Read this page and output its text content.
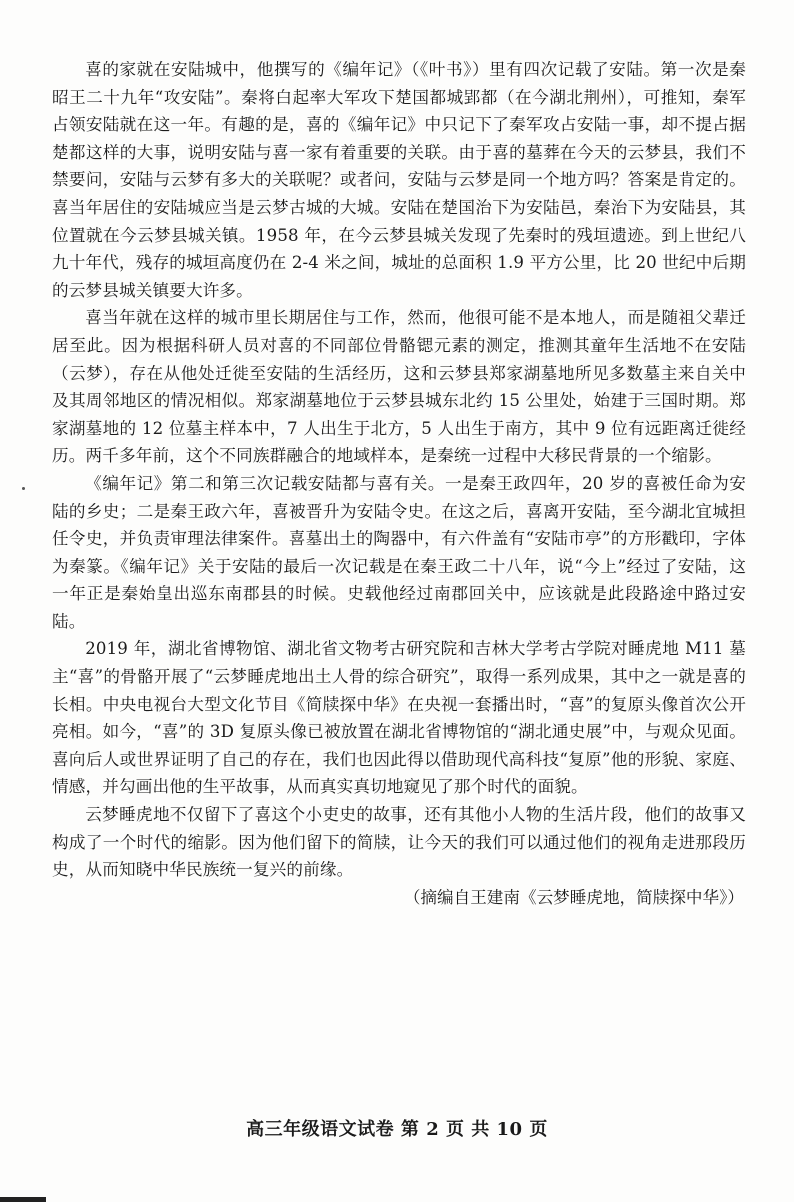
喜的家就在安陆城中，他撰写的《编年记》（《叶书》）里有四次记载了安陆。第一次是秦昭王二十九年“攻安陆”。秦将白起率大军攻下楚国都城郢都（在今湖北荆州），可推知，秦军占领安陆就在这一年。有趣的是，喜的《编年记》中只记下了秦军攻占安陆一事，却不提占据楚都这样的大事，说明安陆与喜一家有着重要的关联。由于喜的墓葬在今天的云梦县，我们不禁要问，安陆与云梦有多大的关联呢？或者问，安陆与云梦是同一个地方吗？答案是肯定的。喜当年居住的安陆城应当是云梦古城的大城。安陆在楚国治下为安陆邑，秦治下为安陆县，其位置就在今云梦县城关镇。1958 年，在今云梦县城关发现了先秦时的残垣遗迹。到上世纪八九十年代，残存的城垣高度仍在 2-4 米之间，城址的总面积 1.9 平方公里，比 20 世纪中后期的云梦县城关镇要大许多。

喜当年就在这样的城市里长期居住与工作，然而，他很可能不是本地人，而是随祖父辈迁居至此。因为根据科研人员对喜的不同部位骨骼锶元素的测定，推测其童年生活地不在安陆（云梦），存在从他处迁徙至安陆的生活经历，这和云梦县郑家湖墓地所见多数墓主来自关中及其周邻地区的情况相似。郑家湖墓地位于云梦县城东北约 15 公里处，始建于三国时期。郑家湖墓地的 12 位墓主样本中，7 人出生于北方，5 人出生于南方，其中 9 位有远距离迁徙经历。两千多年前，这个不同族群融合的地域样本，是秦统一过程中大移民背景的一个缩影。

《编年记》第二和第三次记载安陆都与喜有关。一是秦王政四年，20 岁的喜被任命为安陆的乡史；二是秦王政六年，喜被晋升为安陆令史。在这之后，喜离开安陆，至今湖北宜城担任令史，并负责审理法律案件。喜墓出土的陶器中，有六件盖有“安陆市亭”的方形戳印，字体为秦篆。《编年记》关于安陆的最后一次记载是在秦王政二十八年，说“今上”经过了安陆，这一年正是秦始皇出巡东南郡县的时候。史载他经过南郡回关中，应该就是此段路途中路过安陆。

2019 年，湖北省博物馆、湖北省文物考古研究院和吉林大学考古学院对睡虎地 M11 墓主“喜”的骨骼开展了“云梦睡虎地出土人骨的综合研究”，取得一系列成果，其中之一就是喜的长相。中央电视台大型文化节目《简牍探中华》在央视一套播出时，“喜”的复原头像首次公开亮相。如今，“喜”的 3D 复原头像已被放置在湖北省博物馆的“湖北通史展”中，与观众见面。喜向后人或世界证明了自己的存在，我们也因此得以借助现代高科技“复原”他的形貌、家庭、情感，并勾画出他的生平故事，从而真实真切地窥见了那个时代的面貌。

云梦睡虎地不仅留下了喜这个小吏史的故事，还有其他小人物的生活片段，他们的故事又构成了一个时代的缩影。因为他们留下的简牍，让今天的我们可以通过他们的视角走进那段历史，从而知晓中华民族统一复兴的前缘。

（摘编自王建南《云梦睡虎地，简牍探中华》）

高三年级语文试卷 第 2 页 共 10 页
